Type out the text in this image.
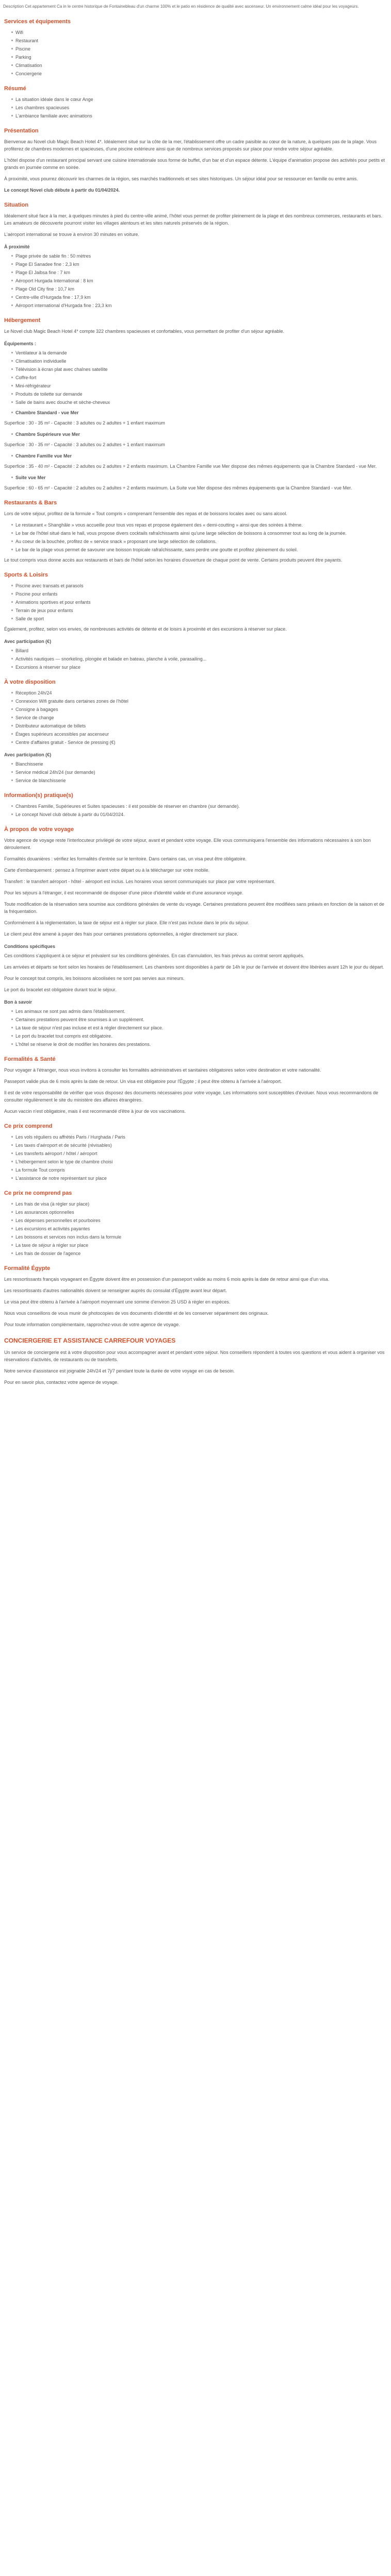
Description Cet appartement Ca in le centre historique de Fontainebleau d'un charme 100% et le patio en résidence de qualité avec ascenseur. Un environnement calme idéal pour les voyageurs.

Services et équipements
Wifi
Restaurant
Piscine
Parking
Climatisation
Conciergerie
Résumé
La situation idéale dans le cœur Ange
Les chambres spacieuses
L'ambiance familiale avec animations
Présentation

Bienvenue au Novel club Magic Beach Hotel 4*. Idéalement situé sur la côte de la mer, l'établissement offre un cadre paisible au cœur de la nature, à quelques pas de la plage. Vous profiterez de chambres modernes et spacieuses, d'une piscine extérieure ainsi que de nombreux services proposés sur place pour rendre votre séjour agréable.

L'hôtel dispose d'un restaurant principal servant une cuisine internationale sous forme de buffet, d'un bar et d'un espace détente. L'équipe d'animation propose des activités pour petits et grands en journée comme en soirée.

À proximité, vous pourrez découvrir les charmes de la région, ses marchés traditionnels et ses sites historiques. Un séjour idéal pour se ressourcer en famille ou entre amis.

Le concept Novel club débute à partir du 01/04/2024.

Situation

Idéalement situé face à la mer, à quelques minutes à pied du centre-ville animé, l'hôtel vous permet de profiter pleinement de la plage et des nombreux commerces, restaurants et bars. Les amateurs de découverte pourront visiter les villages alentours et les sites naturels préservés de la région.

L'aéroport international se trouve à environ 30 minutes en voiture.

À proximité
Plage privée de sable fin : 50 mètres
Plage El Sanadee fine : 2,3 km
Plage El Jaibsa fine : 7 km
Aéroport Hurgada International : 8 km
Plage Old City fine : 10,7 km
Centre-ville d'Hurgada fine : 17,9 km
Aéroport international d'Hurgada fine : 23,3 km
Hébergement

Le Novel club Magic Beach Hotel 4* compte 322 chambres spacieuses et confortables, vous permettant de profiter d'un séjour agréable.

Équipements :
Ventilateur à la demande
Climatisation individuelle
Télévision à écran plat avec chaînes satellite
Coffre-fort
Mini-réfrigérateur
Produits de toilette sur demande
Salle de bains avec douche et sèche-cheveux
Chambre Standard - vue Mer

Superficie : 30 - 35 m² - Capacité : 3 adultes ou 2 adultes + 1 enfant maximum

Chambre Supérieure vue Mer

Superficie : 30 - 35 m² - Capacité : 3 adultes ou 2 adultes + 1 enfant maximum

Chambre Famille vue Mer

Superficie : 35 - 40 m² - Capacité : 2 adultes ou 2 adultes + 2 enfants maximum. La Chambre Famille vue Mer dispose des mêmes équipements que la Chambre Standard - vue Mer.

Suite vue Mer

Superficie : 60 - 65 m² - Capacité : 2 adultes ou 2 adultes + 2 enfants maximum. La Suite vue Mer dispose des mêmes équipements que la Chambre Standard - vue Mer.

Restaurants & Bars

Lors de votre séjour, profitez de la formule « Tout compris » comprenant l'ensemble des repas et de boissons locales avec ou sans alcool.

Le restaurant « Shanghâle » vous accueille pour tous vos repas et propose également des « demi-coutting » ainsi que des soirées à thème.
Le bar de l'hôtel situé dans le hall, vous propose divers cocktails rafraîchissants ainsi qu'une large sélection de boissons à consommer tout au long de la journée.
Au coeur de la bouchée, profitez de « service snack » proposant une large sélection de collations.
Le bar de la plage vous permet de savourer une boisson tropicale rafraîchissante, sans perdre une goutte et profitez pleinement du soleil.

Le tout compris vous donne accès aux restaurants et bars de l'hôtel selon les horaires d'ouverture de chaque point de vente. Certains produits peuvent être payants.

Sports & Loisirs
Piscine avec transats et parasols
Piscine pour enfants
Animations sportives et pour enfants
Terrain de jeux pour enfants
Salle de sport

Également, profitez, selon vos envies, de nombreuses activités de détente et de loisirs à proximité et des excursions à réserver sur place.

Avec participation (€)
Billard
Activités nautiques — snorkeling, plongée et balade en bateau, planche à voile, parasailing...
Excursions à réserver sur place
À votre disposition
Réception 24h/24
Connexion Wifi gratuite dans certaines zones de l'hôtel
Consigne à bagages
Service de change
Distributeur automatique de billets
Étages supérieurs accessibles par ascenseur
Centre d'affaires gratuit - Service de pressing (€)
Avec participation (€)
Blanchisserie
Service médical 24h/24 (sur demande)
Service de blanchisserie
Information(s) pratique(s)
Chambres Famille, Supérieures et Suites spacieuses : il est possible de réserver en chambre (sur demande).
Le concept Novel club débute à partir du 01/04/2024.
À propos de votre voyage

Votre agence de voyage reste l'interlocuteur privilégié de votre séjour, avant et pendant votre voyage. Elle vous communiquera l'ensemble des informations nécessaires à son bon déroulement.

Formalités douanières : vérifiez les formalités d'entrée sur le territoire. Dans certains cas, un visa peut être obligatoire.

Carte d'embarquement : pensez à l'imprimer avant votre départ ou à la télécharger sur votre mobile.

Transfert : le transfert aéroport - hôtel - aéroport est inclus. Les horaires vous seront communiqués sur place par votre représentant.

Pour les séjours à l'étranger, il est recommandé de disposer d'une pièce d'identité valide et d'une assurance voyage.

Toute modification de la réservation sera soumise aux conditions générales de vente du voyage. Certaines prestations peuvent être modifiées sans préavis en fonction de la saison et de la fréquentation.

Conformément à la réglementation, la taxe de séjour est à régler sur place. Elle n'est pas incluse dans le prix du séjour.

Le client peut être amené à payer des frais pour certaines prestations optionnelles, à régler directement sur place.

Conditions spécifiques

Ces conditions s'appliquent à ce séjour et prévalent sur les conditions générales. En cas d'annulation, les frais prévus au contrat seront appliqués.

Les arrivées et départs se font selon les horaires de l'établissement. Les chambres sont disponibles à partir de 14h le jour de l'arrivée et doivent être libérées avant 12h le jour du départ.

Pour le concept tout compris, les boissons alcoolisées ne sont pas servies aux mineurs.

Le port du bracelet est obligatoire durant tout le séjour.

Bon à savoir
Les animaux ne sont pas admis dans l'établissement.
Certaines prestations peuvent être soumises à un supplément.
La taxe de séjour n'est pas incluse et est à régler directement sur place.
Le port du bracelet tout compris est obligatoire.
L'hôtel se réserve le droit de modifier les horaires des prestations.
Formalités & Santé

Pour voyager à l'étranger, nous vous invitons à consulter les formalités administratives et sanitaires obligatoires selon votre destination et votre nationalité.

Passeport valide plus de 6 mois après la date de retour. Un visa est obligatoire pour l'Égypte ; il peut être obtenu à l'arrivée à l'aéroport.

Il est de votre responsabilité de vérifier que vous disposez des documents nécessaires pour votre voyage. Les informations sont susceptibles d'évoluer. Nous vous recommandons de consulter régulièrement le site du ministère des affaires étrangères.

Aucun vaccin n'est obligatoire, mais il est recommandé d'être à jour de vos vaccinations.

Ce prix comprend
Les vols réguliers ou affrétés Paris / Hurghada / Paris
Les taxes d'aéroport et de sécurité (révisables)
Les transferts aéroport / hôtel / aéroport
L'hébergement selon le type de chambre choisi
La formule Tout compris
L'assistance de notre représentant sur place
Ce prix ne comprend pas
Les frais de visa (à régler sur place)
Les assurances optionnelles
Les dépenses personnelles et pourboires
Les excursions et activités payantes
Les boissons et services non inclus dans la formule
La taxe de séjour à régler sur place
Les frais de dossier de l'agence
Formalité Égypte

Les ressortissants français voyageant en Égypte doivent être en possession d'un passeport valide au moins 6 mois après la date de retour ainsi que d'un visa.

Les ressortissants d'autres nationalités doivent se renseigner auprès du consulat d'Égypte avant leur départ.

Le visa peut être obtenu à l'arrivée à l'aéroport moyennant une somme d'environ 25 USD à régler en espèces.

Nous vous conseillons de vous munir de photocopies de vos documents d'identité et de les conserver séparément des originaux.

Pour toute information complémentaire, rapprochez-vous de votre agence de voyage.

CONCIERGERIE ET ASSISTANCE CARREFOUR VOYAGES

Un service de conciergerie est à votre disposition pour vous accompagner avant et pendant votre séjour. Nos conseillers répondent à toutes vos questions et vous aident à organiser vos réservations d'activités, de restaurants ou de transferts.

Notre service d'assistance est joignable 24h/24 et 7j/7 pendant toute la durée de votre voyage en cas de besoin.

Pour en savoir plus, contactez votre agence de voyage.
